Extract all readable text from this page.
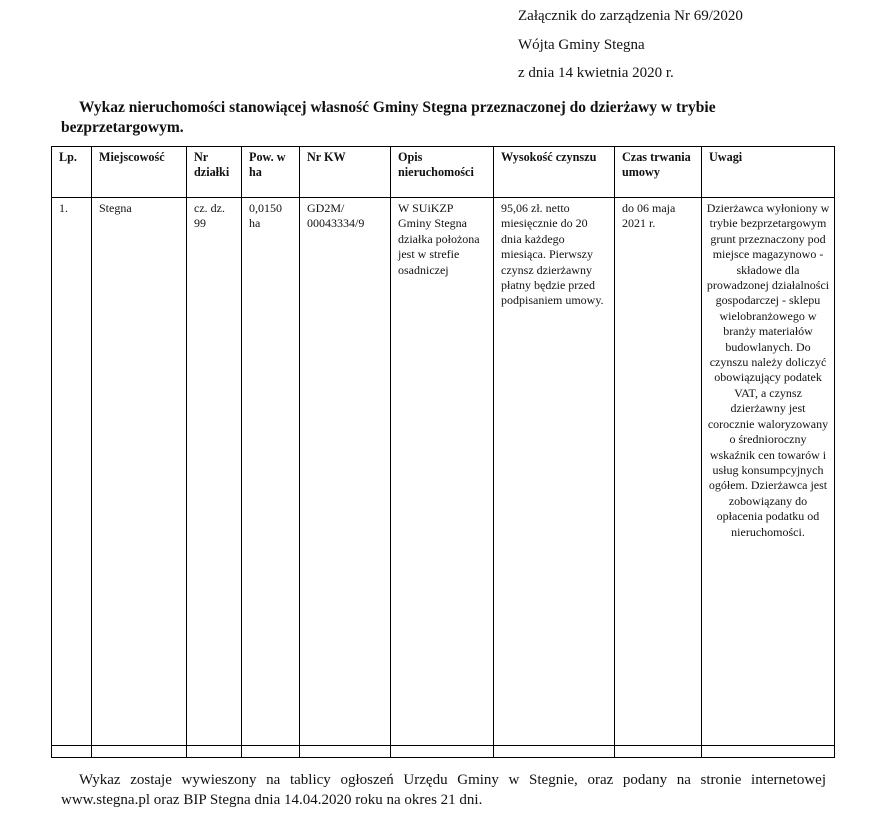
Załącznik do zarządzenia Nr 69/2020
Wójta Gminy Stegna
z dnia 14 kwietnia 2020 r.
Wykaz nieruchomości stanowiącej własność Gminy Stegna przeznaczonej do dzierżawy w trybie bezprzetargowym.
Lp.	Miejscowość	Nr działki	Pow. w ha	Nr KW	Opis nieruchomości	Wysokość czynszu	Czas trwania umowy	Uwagi
1.	Stegna	cz. dz. 99	0,0150 ha	GD2M/ 00043334/9	W SUiKZP Gminy Stegna działka położona jest w strefie osadniczej	95,06 zł. netto miesięcznie do 20 dnia każdego miesiąca. Pierwszy czynsz dzierżawny płatny będzie przed podpisaniem umowy.	do 06 maja 2021 r.	Dzierżawca wyłoniony w trybie bezprzetargowym grunt przeznaczony pod miejsce magazynowo - składowe dla prowadzonej działalności gospodarczej - sklepu wielobranżowego w branży materiałów budowlanych. Do czynszu należy doliczyć obowiązujący podatek VAT, a czynsz dzierżawny jest corocznie waloryzowany o średnioroczny wskaźnik cen towarów i usług konsumpcyjnych ogółem. Dzierżawca jest zobowiązany do opłacenia podatku od nieruchomości.

Wykaz zostaje wywieszony na tablicy ogłoszeń Urzędu Gminy w Stegnie, oraz podany na stronie internetowej www.stegna.pl oraz BIP Stegna dnia 14.04.2020 roku na okres 21 dni.
